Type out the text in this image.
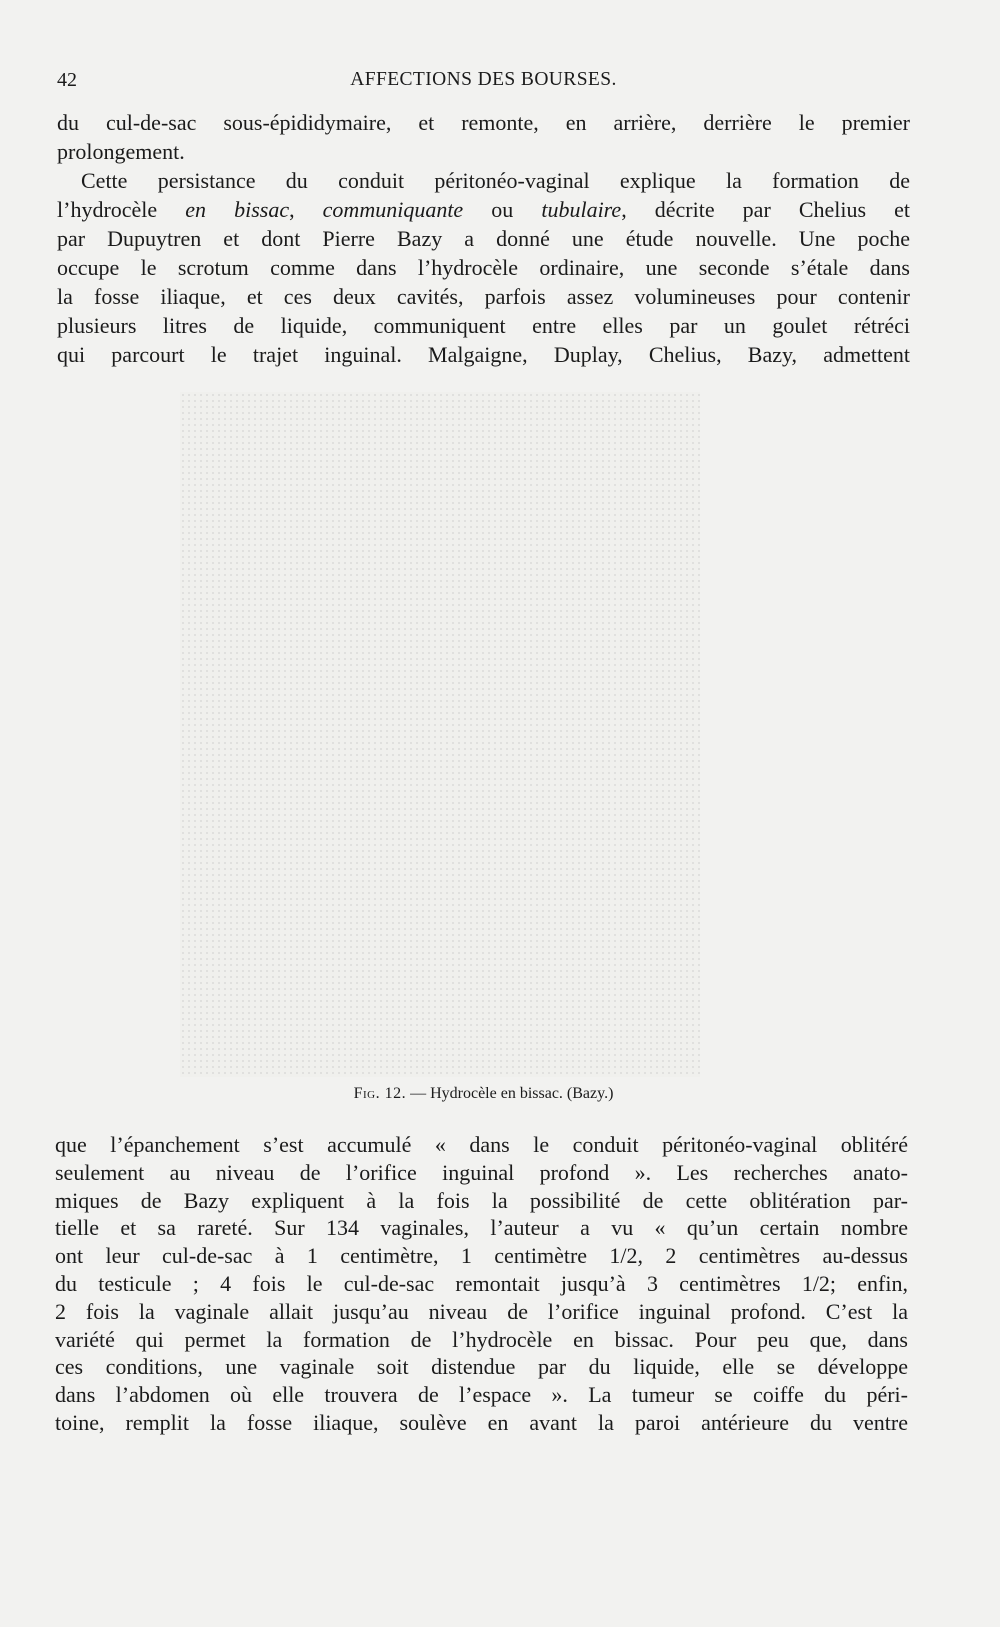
42	AFFECTIONS DES BOURSES.
du cul-de-sac sous-épididymaire, et remonte, en arrière, derrière le premier
prolongement.
Cette persistance du conduit péritonéo-vaginal explique la formation de
l’hydrocèle en bissac, communiquante ou tubulaire, décrite par Chelius et
par Dupuytren et dont Pierre Bazy a donné une étude nouvelle. Une poche
occupe le scrotum comme dans l’hydrocèle ordinaire, une seconde s’étale dans
la fosse iliaque, et ces deux cavités, parfois assez volumineuses pour contenir
plusieurs litres de liquide, communiquent entre elles par un goulet rétréci
qui parcourt le trajet inguinal. Malgaigne, Duplay, Chelius, Bazy, admettent
Fig. 12. — Hydrocèle en bissac. (Bazy.)
que l’épanchement s’est accumulé « dans le conduit péritonéo-vaginal oblitéré
seulement au niveau de l’orifice inguinal profond ». Les recherches anato-
miques de Bazy expliquent à la fois la possibilité de cette oblitération par-
tielle et sa rareté. Sur 134 vaginales, l’auteur a vu « qu’un certain nombre
ont leur cul-de-sac à 1 centimètre, 1 centimètre 1/2, 2 centimètres au-dessus
du testicule ; 4 fois le cul-de-sac remontait jusqu’à 3 centimètres 1/2; enfin,
2 fois la vaginale allait jusqu’au niveau de l’orifice inguinal profond. C’est la
variété qui permet la formation de l’hydrocèle en bissac. Pour peu que, dans
ces conditions, une vaginale soit distendue par du liquide, elle se développe
dans l’abdomen où elle trouvera de l’espace ». La tumeur se coiffe du péri-
toine, remplit la fosse iliaque, soulève en avant la paroi antérieure du ventre
